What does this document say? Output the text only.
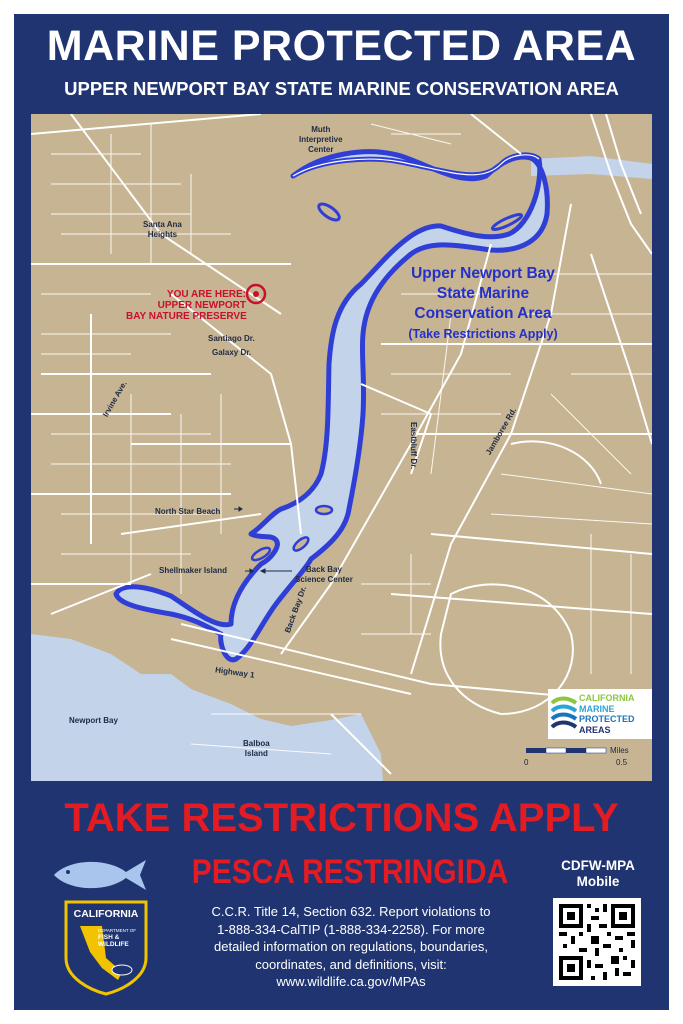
MARINE PROTECTED AREA
UPPER NEWPORT BAY STATE MARINE CONSERVATION AREA
Muth
Interpretive
Center
Santa Ana
Heights
YOU ARE HERE:
UPPER NEWPORT
BAY NATURE PRESERVE
Santiago Dr.
Galaxy Dr.
Irvine Ave.
Eastbluff Dr.	Jamboree Rd.
North Star Beach
Shellmaker Island	Back Bay
Science Center
Back Bay Dr.
Highway 1
Newport Bay
Balboa
Island
Upper Newport Bay
State Marine
Conservation Area
(Take Restrictions Apply)
CALIFORNIA
MARINE
PROTECTED
AREAS
Miles
0	0.5
TAKE RESTRICTIONS APPLY
PESCA RESTRINGIDA	CDFW-MPA
Mobile
C.C.R. Title 14, Section 632. Report violations to
1-888-334-CalTIP (1-888-334-2258). For more
detailed information on regulations, boundaries,
coordinates, and definitions, visit:
www.wildlife.ca.gov/MPAs
CALIFORNIA
DEPARTMENT OF
FISH &
WILDLIFE
